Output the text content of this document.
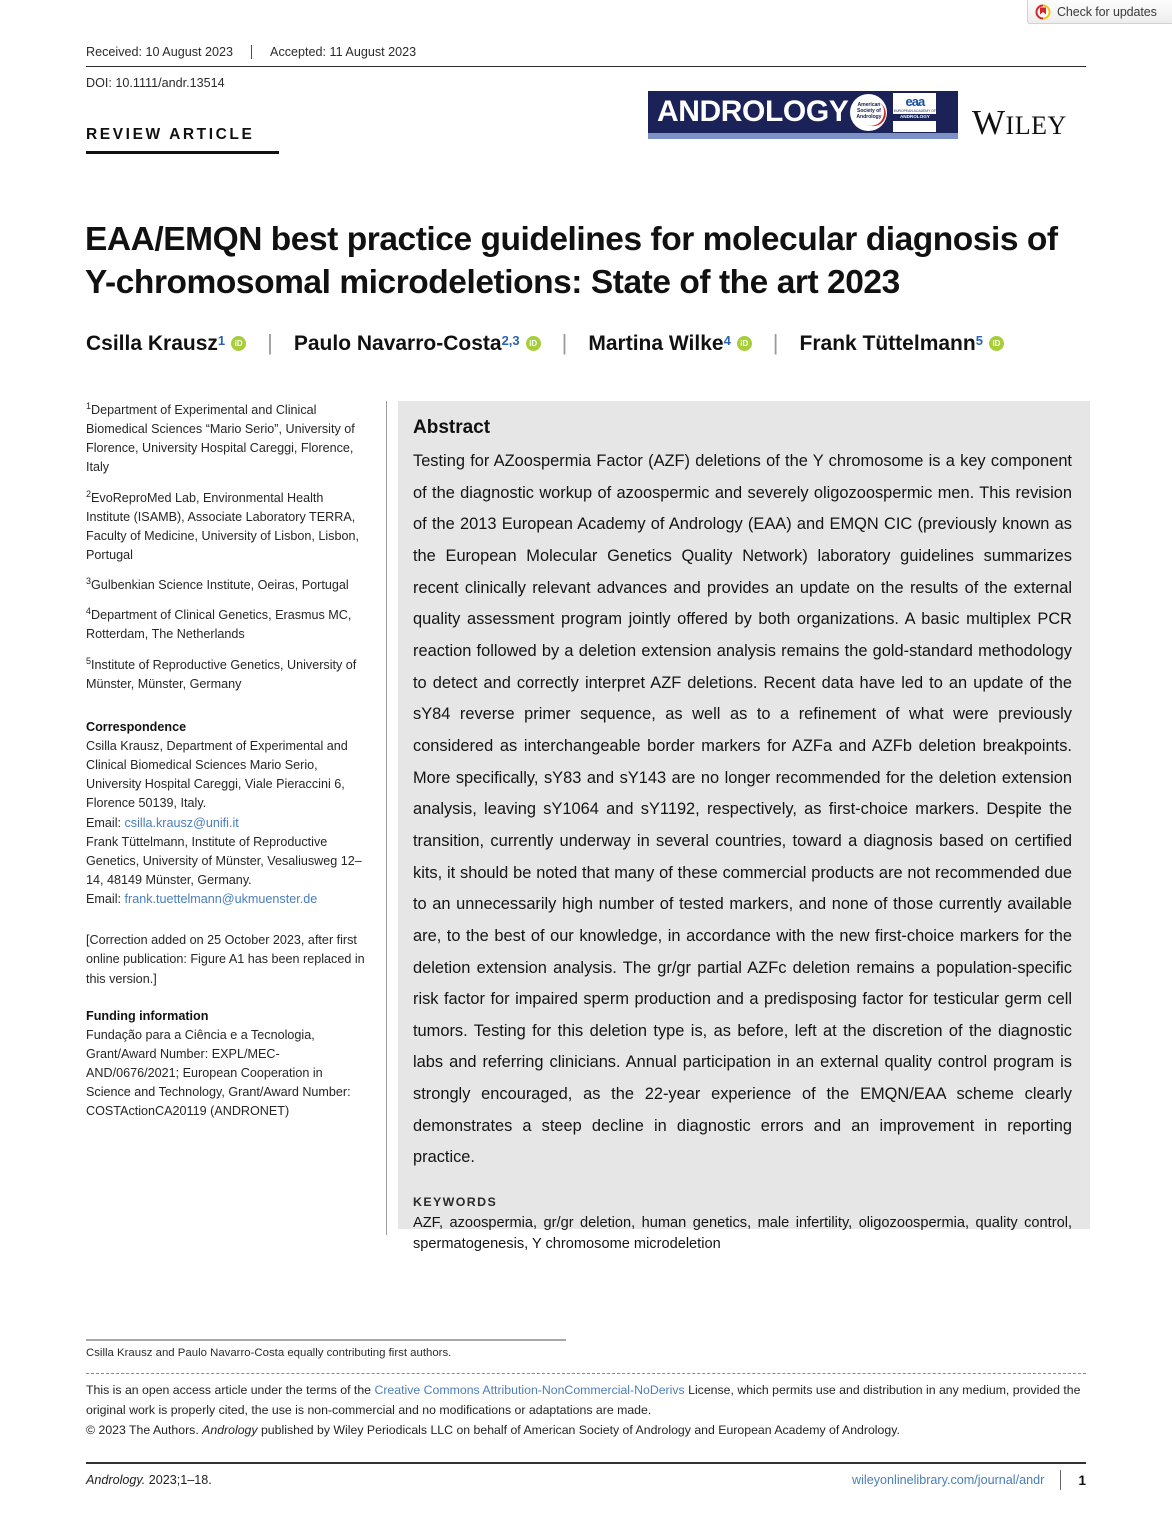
Check for updates
Received: 10 August 2023	Accepted: 11 August 2023
DOI: 10.1111/andr.13514
REVIEW ARTICLE
ANDROLOGY American
Society of
Andrology
eaa
EUROPEAN ACADEMY OF
ANDROLOGY WILEY
EAA/EMQN best practice guidelines for molecular diagnosis of Y-chromosomal microdeletions: State of the art 2023
Csilla Krausz$^1$ iD | Paulo Navarro-Costa$^{2,3}$ iD | Martina Wilke$^4$ iD | Frank Tüttelmann$^5$
iD
$^1$Department of Experimental and Clinical Biomedical Sciences “Mario Serio”, University of Florence, University Hospital Careggi, Florence, Italy
$^2$EvoReproMed Lab, Environmental Health Institute (ISAMB), Associate Laboratory TERRA, Faculty of Medicine, University of Lisbon, Lisbon, Portugal
$^3$Gulbenkian Science Institute, Oeiras, Portugal
$^4$Department of Clinical Genetics, Erasmus MC, Rotterdam, The Netherlands
$^5$Institute of Reproductive Genetics, University of Münster, Münster, Germany

Correspondence

Csilla Krausz, Department of Experimental and Clinical Biomedical Sciences Mario Serio, University Hospital Careggi, Viale Pieraccini 6, Florence 50139, Italy.

Email: csilla.krausz@unifi.it

Frank Tüttelmann, Institute of Reproductive Genetics, University of Münster, Vesaliusweg 12–14, 48149 Münster, Germany.

Email: frank.tuettelmann@ukmuenster.de

[Correction added on 25 October 2023, after first online publication: Figure A1 has been replaced in this version.]

Funding information

Fundação para a Ciência e a Tecnologia, Grant/Award Number: EXPL/MEC-AND/0676/2021; European Cooperation in Science and Technology, Grant/Award Number: COSTActionCA20119 (ANDRONET)

Abstract
Testing for AZoospermia Factor (AZF) deletions of the Y chromosome is a key component of the diagnostic workup of azoospermic and severely oligozoospermic men. This revision of the 2013 European Academy of Andrology (EAA) and EMQN CIC (previously known as the European Molecular Genetics Quality Network) laboratory guidelines summarizes recent clinically relevant advances and provides an update on the results of the external quality assessment program jointly offered by both organizations. A basic multiplex PCR reaction followed by a deletion extension analysis remains the gold-standard methodology to detect and correctly interpret AZF deletions. Recent data have led to an update of the sY84 reverse primer sequence, as well as to a refinement of what were previously considered as interchangeable border markers for AZFa and AZFb deletion breakpoints. More specifically, sY83 and sY143 are no longer recommended for the deletion extension analysis, leaving sY1064 and sY1192, respectively, as first-choice markers. Despite the transition, currently underway in several countries, toward a diagnosis based on certified kits, it should be noted that many of these commercial products are not recommended due to an unnecessarily high number of tested markers, and none of those currently available are, to the best of our knowledge, in accordance with the new first-choice markers for the deletion extension analysis. The gr/gr partial AZFc deletion remains a population-specific risk factor for impaired sperm production and a predisposing factor for testicular germ cell tumors. Testing for this deletion type is, as before, left at the discretion of the diagnostic labs and referring clinicians. Annual participation in an external quality control program is strongly encouraged, as the 22-year experience of the EMQN/EAA scheme clearly demonstrates a steep decline in diagnostic errors and an improvement in reporting practice.
KEYWORDS
AZF, azoospermia, gr/gr deletion, human genetics, male infertility, oligozoospermia, quality control, spermatogenesis, Y chromosome microdeletion
Csilla Krausz and Paulo Navarro-Costa equally contributing first authors.
This is an open access article under the terms of the Creative Commons Attribution-NonCommercial-NoDerivs License, which permits use and distribution in any medium, provided the original work is properly cited, the use is non-commercial and no modifications or adaptations are made.
© 2023 The Authors. Andrology published by Wiley Periodicals LLC on behalf of American Society of Andrology and European Academy of Andrology.
Andrology. 2023;1–18.	wileyonlinelibrary.com/journal/andr	1
